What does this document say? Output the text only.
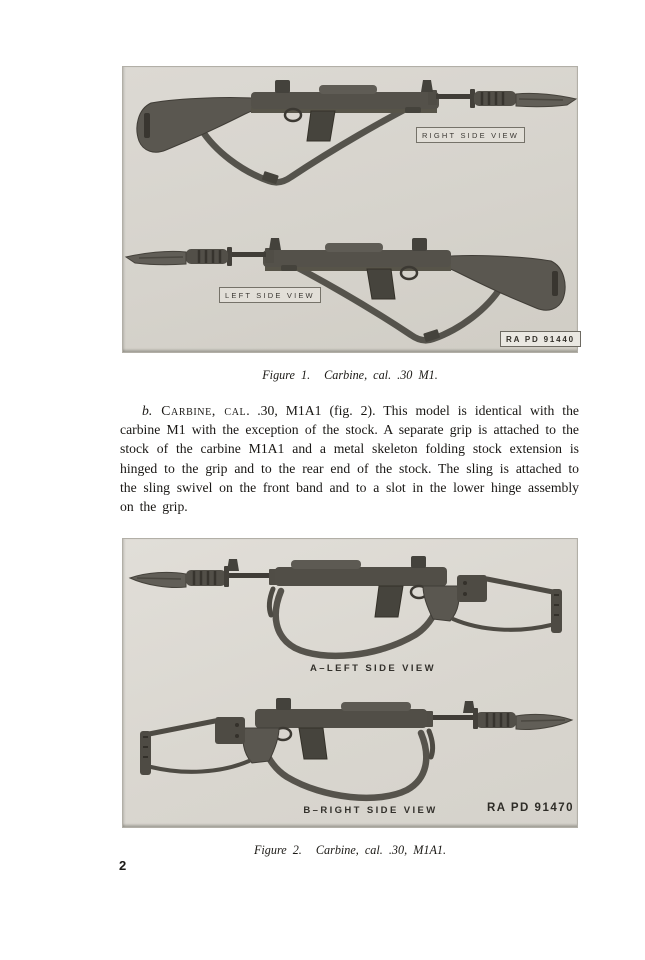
RIGHT SIDE VIEW
LEFT SIDE VIEW
RA PD 91440
Figure 1. Carbine, cal. .30 M1.

b. Carbine, cal. .30, M1A1 (fig. 2). This model is identical with the carbine M1 with the exception of the stock. A separate grip is attached to the stock of the carbine M1A1 and a metal skeleton folding stock extension is hinged to the grip and to the rear end of the stock. The sling is attached to the sling swivel on the front band and to a slot in the lower hinge assembly on the grip.

A–LEFT SIDE VIEW
B–RIGHT SIDE VIEW	RA PD 91470
Figure 2. Carbine, cal. .30, M1A1.
2
